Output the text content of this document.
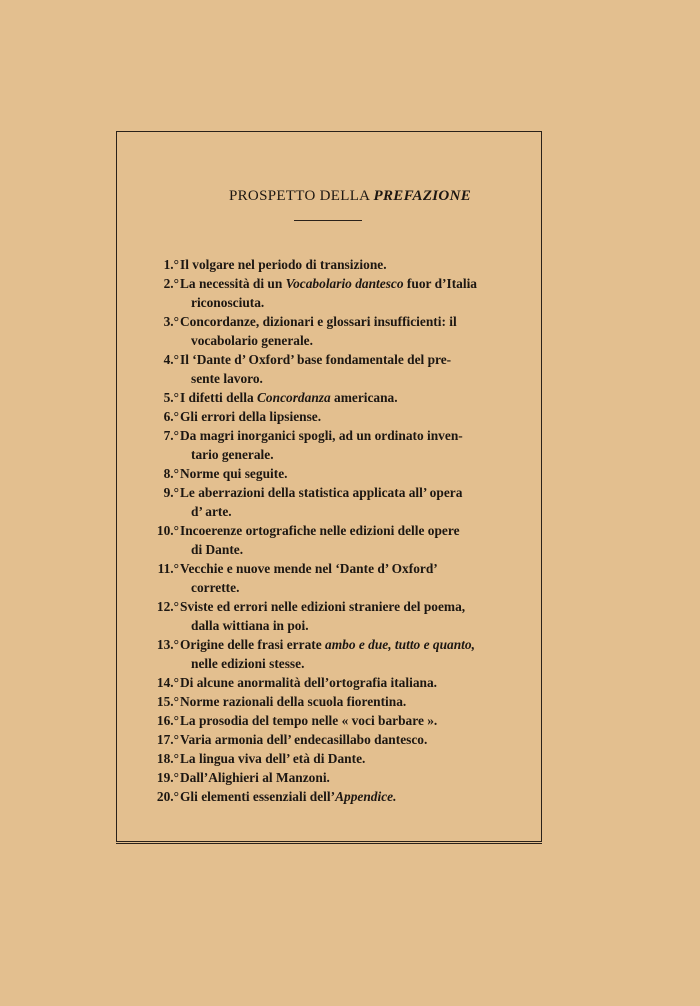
PROSPETTO DELLA PREFAZIONE
1.° Il volgare nel periodo di transizione.
2.° La necessità di un Vocabolario dantesco fuor d’Italia
riconosciuta.
3.° Concordanze, dizionari e glossari insufficienti: il
vocabolario generale.
4.° Il ‘Dante d’ Oxford’ base fondamentale del pre-
sente lavoro.
5.° I difetti della Concordanza americana.
6.° Gli errori della lipsiense.
7.° Da magri inorganici spogli, ad un ordinato inven-
tario generale.
8.° Norme qui seguite.
9.° Le aberrazioni della statistica applicata all’ opera
d’ arte.
10.° Incoerenze ortografiche nelle edizioni delle opere
di Dante.
11.° Vecchie e nuove mende nel ‘Dante d’ Oxford’
corrette.
12.° Sviste ed errori nelle edizioni straniere del poema,
dalla wittiana in poi.
13.° Origine delle frasi errate ambo e due, tutto e quanto,
nelle edizioni stesse.
14.° Di alcune anormalità dell’ortografia italiana.
15.° Norme razionali della scuola fiorentina.
16.° La prosodia del tempo nelle « voci barbare ».
17.° Varia armonia dell’ endecasillabo dantesco.
18.° La lingua viva dell’ età di Dante.
19.° Dall’Alighieri al Manzoni.
20.° Gli elementi essenziali dell’Appendice.
